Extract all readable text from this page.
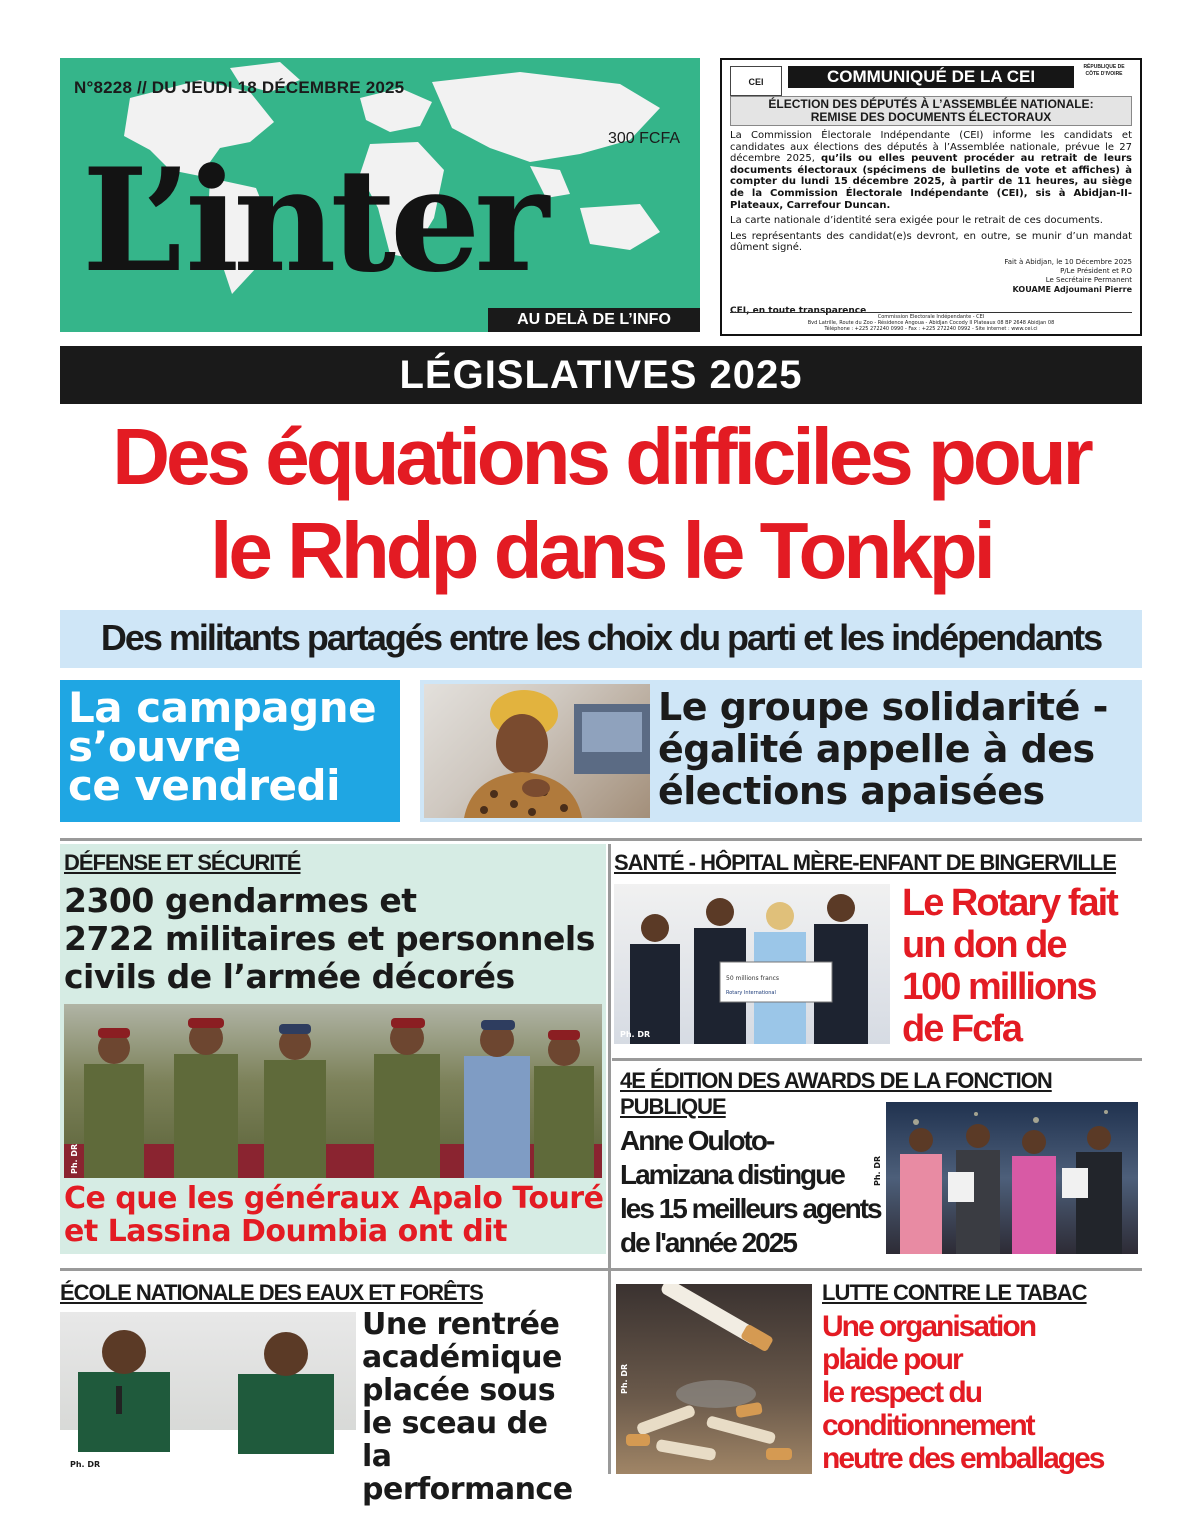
N°8228 // DU JEUDI 18 DÉCEMBRE 2025
300 FCFA
L’inter
AU DELÀ DE L’INFO
CEI
RÉPUBLIQUE DE CÔTE D'IVOIRE
COMMUNIQUÉ DE LA CEI
ÉLECTION DES DÉPUTÉS À L’ASSEMBLÉE NATIONALE:
REMISE DES DOCUMENTS ÉLECTORAUX

La Commission Électorale Indépendante (CEI) informe les candidats et candidates aux élections des députés à l’Assemblée nationale, prévue le 27 décembre 2025, qu’ils ou elles peuvent procéder au retrait de leurs documents électoraux (spécimens de bulletins de vote et affiches) à compter du lundi 15 décembre 2025, à partir de 11 heures, au siège de la Commission Électorale Indépendante (CEI), sis à Abidjan-II-Plateaux, Carrefour Duncan.

La carte nationale d’identité sera exigée pour le retrait de ces documents.

Les représentants des candidat(e)s devront, en outre, se munir d’un mandat dûment signé.

Fait à Abidjan, le 10 Décembre 2025
P/Le Président et P.O
Le Secrétaire Permanent
KOUAME Adjoumani Pierre
CEI, en toute transparence
Commission Electorale Indépendante - CEI
Bvd Latrille, Route du Zoo - Résidence Angoua - Abidjan Cocody II Plateaux 08 BP 2648 Abidjan 08
Téléphone : +225 272240 0990 - Fax : +225 272240 0992 - Site internet : www.cei.ci
LÉGISLATIVES 2025
Des équations difficiles pour
le Rhdp dans le Tonkpi
Des militants partagés entre les choix du parti et les indépendants
La campagne
s’ouvre
ce vendredi
Le groupe solidarité -
égalité appelle à des
élections apaisées
DÉFENSE ET SÉCURITÉ
2300 gendarmes et
2722 militaires et personnels
civils de l’armée décorés
Ph. DR
Ce que les généraux Apalo Touré
et Lassina Doumbia ont dit
SANTÉ - HÔPITAL MÈRE-ENFANT DE BINGERVILLE
50 millions francs
Rotary International
Ph. DR
Le Rotary fait
un don de
100 millions
de Fcfa
4E ÉDITION DES AWARDS DE LA FONCTION
PUBLIQUE
Anne Ouloto-
Lamizana distingue
les 15 meilleurs agents
de l'année 2025
Ph. DR
ÉCOLE NATIONALE DES EAUX ET FORÊTS
Ph. DR
Une rentrée
académique
placée sous
le sceau de
la performance
Ph. DR
LUTTE CONTRE LE TABAC
Une organisation
plaide pour
le respect du
conditionnement
neutre des emballages
